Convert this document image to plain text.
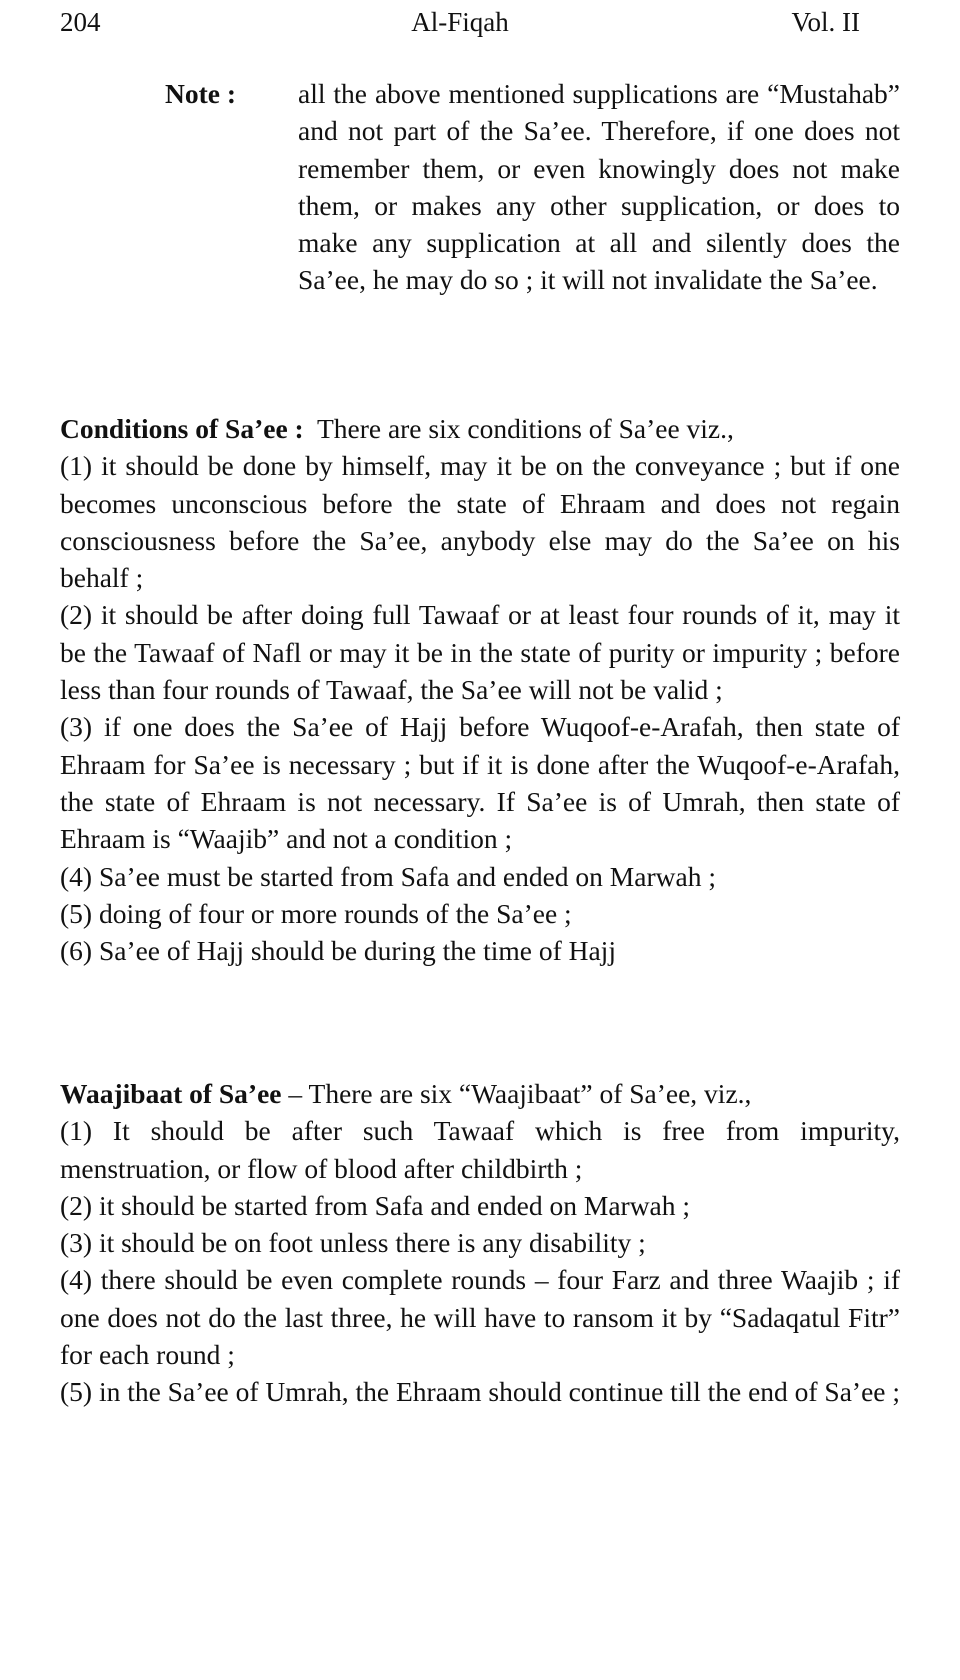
204	Al-Fiqah	Vol. II
Note : all the above mentioned supplications are “Mustahab” and not part of the Sa’ee. Therefore, if one does not remember them, or even knowingly does not make them, or makes any other supplication, or does to make any supplication at all and silently does the Sa’ee, he may do so ; it will not invalidate the Sa’ee.

Conditions of Sa’ee : There are six conditions of Sa’ee viz.,

(1) it should be done by himself, may it be on the conveyance ; but if one becomes unconscious before the state of Ehraam and does not regain consciousness before the Sa’ee, anybody else may do the Sa’ee on his behalf ;

(2) it should be after doing full Tawaaf or at least four rounds of it, may it be the Tawaaf of Nafl or may it be in the state of purity or impurity ; before less than four rounds of Tawaaf, the Sa’ee will not be valid ;

(3) if one does the Sa’ee of Hajj before Wuqoof-e-Arafah, then state of Ehraam for Sa’ee is necessary ; but if it is done after the Wuqoof-e-Arafah, the state of Ehraam is not necessary. If Sa’ee is of Umrah, then state of Ehraam is “Waajib” and not a condition ;

(4) Sa’ee must be started from Safa and ended on Marwah ;

(5) doing of four or more rounds of the Sa’ee ;

(6) Sa’ee of Hajj should be during the time of Hajj

Waajibaat of Sa’ee – There are six “Waajibaat” of Sa’ee, viz.,

(1) It should be after such Tawaaf which is free from impurity, menstruation, or flow of blood after childbirth ;

(2) it should be started from Safa and ended on Marwah ;

(3) it should be on foot unless there is any disability ;

(4) there should be even complete rounds – four Farz and three Waajib ; if one does not do the last three, he will have to ransom it by “Sadaqatul Fitr” for each round ;

(5) in the Sa’ee of Umrah, the Ehraam should continue till the end of Sa’ee ;
